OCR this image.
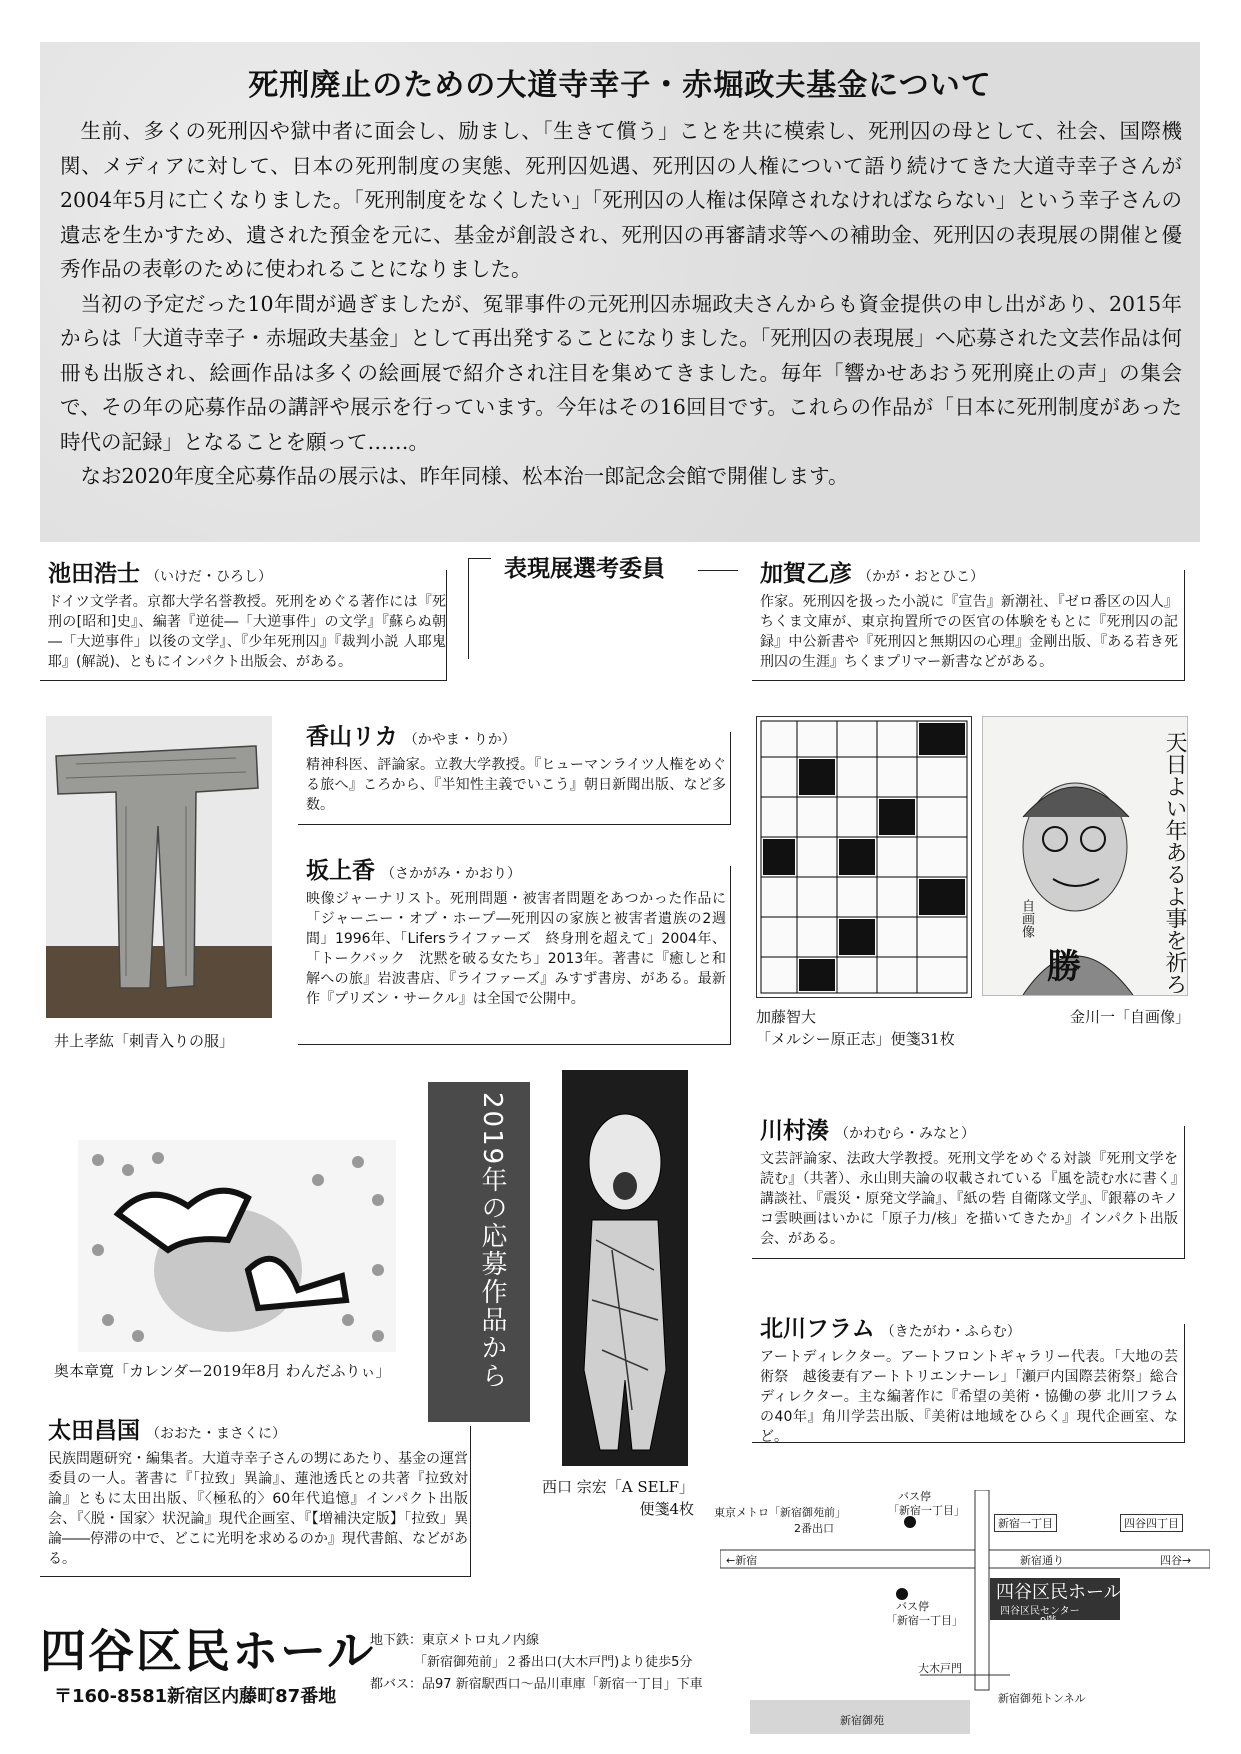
死刑廃止のための大道寺幸子・赤堀政夫基金について

生前、多くの死刑囚や獄中者に面会し、励まし、「生きて償う」ことを共に模索し、死刑囚の母として、社会、国際機関、メディアに対して、日本の死刑制度の実態、死刑囚処遇、死刑囚の人権について語り続けてきた大道寺幸子さんが2004年5月に亡くなりました。「死刑制度をなくしたい」「死刑囚の人権は保障されなければならない」という幸子さんの遺志を生かすため、遺された預金を元に、基金が創設され、死刑囚の再審請求等への補助金、死刑囚の表現展の開催と優秀作品の表彰のために使われることになりました。

当初の予定だった10年間が過ぎましたが、冤罪事件の元死刑囚赤堀政夫さんからも資金提供の申し出があり、2015年からは「大道寺幸子・赤堀政夫基金」として再出発することになりました。「死刑囚の表現展」へ応募された文芸作品は何冊も出版され、絵画作品は多くの絵画展で紹介され注目を集めてきました。毎年「響かせあおう死刑廃止の声」の集会で、その年の応募作品の講評や展示を行っています。今年はその16回目です。これらの作品が「日本に死刑制度があった時代の記録」となることを願って……。

なお2020年度全応募作品の展示は、昨年同様、松本治一郎記念会館で開催します。

表現展選考委員
池田浩士 （いけだ・ひろし）
ドイツ文学者。京都大学名誉教授。死刑をめぐる著作には『死刑の[昭和]史』、編著『逆徒―「大逆事件」の文学』『蘇らぬ朝―「大逆事件」以後の文学』、『少年死刑囚』『裁判小説 人耶鬼耶』(解説)、ともにインパクト出版会、がある。
加賀乙彦 （かが・おとひこ）
作家。死刑囚を扱った小説に『宣告』新潮社、『ゼロ番区の囚人』ちくま文庫が、東京拘置所での医官の体験をもとに『死刑囚の記録』中公新書や『死刑囚と無期囚の心理』金剛出版、『ある若き死刑囚の生涯』ちくまプリマー新書などがある。
香山リカ （かやま・りか）
精神科医、評論家。立教大学教授。『ヒューマンライツ人権をめぐる旅へ』ころから、『半知性主義でいこう』朝日新聞出版、など多数。
坂上香 （さかがみ・かおり）
映像ジャーナリスト。死刑問題・被害者問題をあつかった作品に「ジャーニー・オブ・ホープ―死刑囚の家族と被害者遺族の2週間」1996年、「Lifersライファーズ　終身刑を超えて」2004年、「トークバック　沈黙を破る女たち」2013年。著書に『癒しと和解への旅』岩波書店、『ライファーズ』みすず書房、がある。最新作『プリズン・サークル』は全国で公開中。
川村湊 （かわむら・みなと）
文芸評論家、法政大学教授。死刑文学をめぐる対談『死刑文学を読む』（共著）、永山則夫論の収載されている『風を読む水に書く』講談社、『震災・原発文学論』、『紙の砦 自衛隊文学』、『銀幕のキノコ雲映画はいかに「原子力/核」を描いてきたか』インパクト出版会、がある。
北川フラム （きたがわ・ふらむ）
アートディレクター。アートフロントギャラリー代表。「大地の芸術祭　越後妻有アートトリエンナーレ」「瀬戸内国際芸術祭」総合ディレクター。主な編著作に『希望の美術・協働の夢 北川フラムの40年』角川学芸出版、『美術は地域をひらく』現代企画室、など。
太田昌国 （おおた・まさくに）
民族問題研究・編集者。大道寺幸子さんの甥にあたり、基金の運営委員の一人。著書に『「拉致」異論』、蓮池透氏との共著『拉致対論』ともに太田出版、『〈極私的〉60年代追憶』インパクト出版会、『〈脱・国家〉状況論』現代企画室、『【増補決定版】「拉致」異論――停滞の中で、どこに光明を求めるのか』現代書館、などがある。
井上孝紘「刺青入りの服」
加藤智大
「メルシー原正志」便箋31枚
天日よい年あるよ事を祈ろ
自画像
勝
金川一「自画像」
2019年の応募作品から
奥本章寛「カレンダー2019年8月 わんだふりぃ」
西口 宗宏「A SELF」
便箋4枚
四谷区民ホール
〒160-8581新宿区内藤町87番地
地下鉄：東京メトロ丸ノ内線
「新宿御苑前」２番出口(大木戸門)より徒歩5分
都バス：品97 新宿駅西口～品川車庫「新宿一丁目」下車
東京メトロ「新宿御苑前」
2番出口
バス停
「新宿一丁目」
バス停
「新宿一丁目」
新宿一丁目	四谷四丁目
←新宿	四谷→
新宿通り
四谷区民ホール
四谷区民センター
9階
大木戸門
新宿御苑
新宿御苑トンネル
